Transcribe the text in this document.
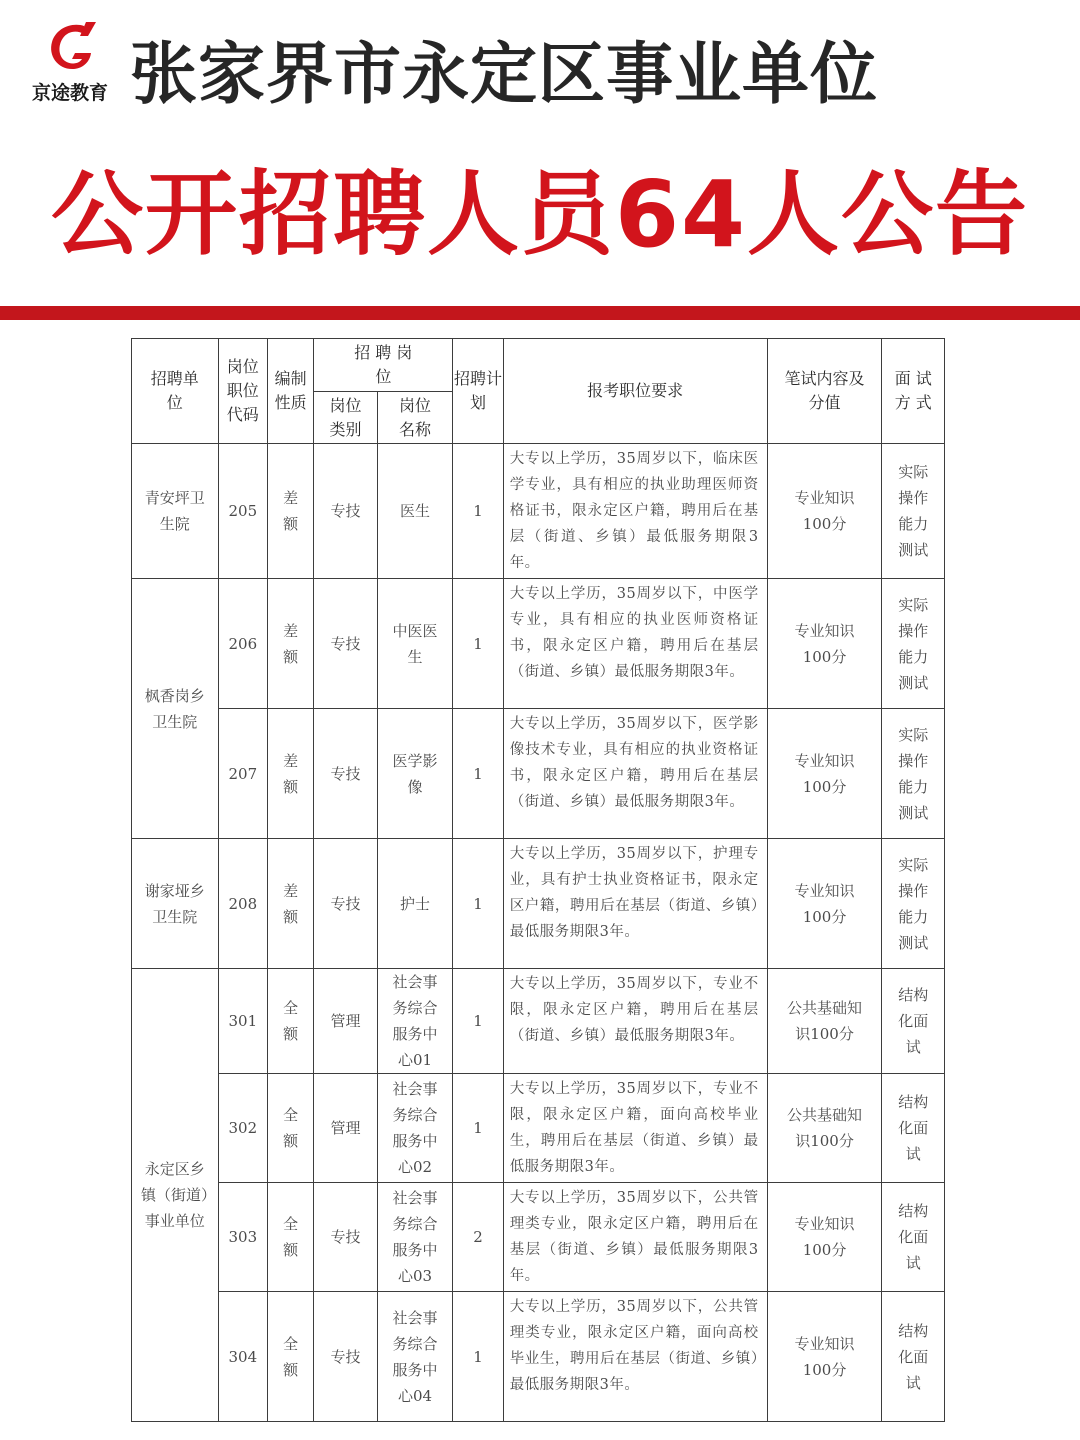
京途教育 张家界市永定区事业单位
公开招聘人员64人公告
招聘单位	岗位职位代码	编制性质	招 聘 岗 位		招聘计划	报考职位要求	笔试内容及分值	面 试 方 式
			岗位类别	岗位名称				
青安坪卫生院	205	差额	专技	医生	1	大专以上学历，35周岁以下，临床医学专业，具有相应的执业助理医师资格证书，限永定区户籍，聘用后在基层（街道、乡镇）最低服务期限3年。	专业知识100分	实际操作能力测试
枫香岗乡卫生院	206	差额	专技	中医医生	1	大专以上学历，35周岁以下，中医学专业，具有相应的执业医师资格证书，限永定区户籍，聘用后在基层（街道、乡镇）最低服务期限3年。	专业知识100分	实际操作能力测试
	207	差额	专技	医学影像	1	大专以上学历，35周岁以下，医学影像技术专业，具有相应的执业资格证书，限永定区户籍，聘用后在基层（街道、乡镇）最低服务期限3年。	专业知识100分	实际操作能力测试
谢家垭乡卫生院	208	差额	专技	护士	1	大专以上学历，35周岁以下，护理专业，具有护士执业资格证书，限永定区户籍，聘用后在基层（街道、乡镇）最低服务期限3年。	专业知识100分	实际操作能力测试
永定区乡镇（街道）事业单位	301	全额	管理	社会事务综合服务中心01	1	大专以上学历，35周岁以下，专业不限，限永定区户籍，聘用后在基层（街道、乡镇）最低服务期限3年。	公共基础知识100分	结构化面试
	302	全额	管理	社会事务综合服务中心02	1	大专以上学历，35周岁以下，专业不限，限永定区户籍，面向高校毕业生，聘用后在基层（街道、乡镇）最低服务期限3年。	公共基础知识100分	结构化面试
	303	全额	专技	社会事务综合服务中心03	2	大专以上学历，35周岁以下，公共管理类专业，限永定区户籍，聘用后在基层（街道、乡镇）最低服务期限3年。	专业知识100分	结构化面试
	304	全额	专技	社会事务综合服务中心04	1	大专以上学历，35周岁以下，公共管理类专业，限永定区户籍，面向高校毕业生，聘用后在基层（街道、乡镇）最低服务期限3年。	专业知识100分	结构化面试
